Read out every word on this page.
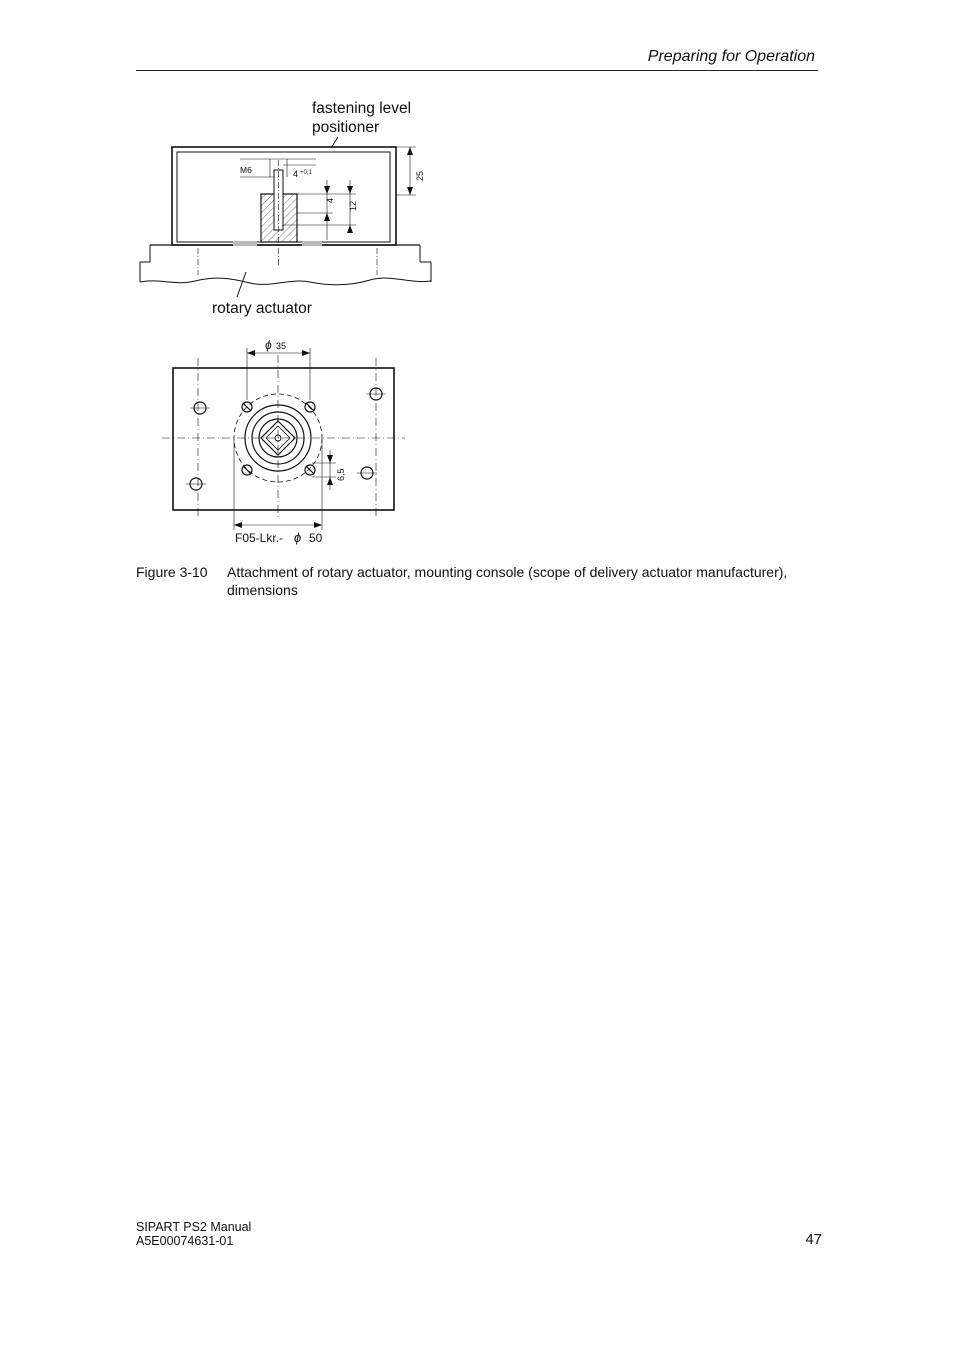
Preparing for Operation
fastening level
positioner
rotary actuator
M6	4 +0,1
4
12
25
ϕ 35
6,5
F05-Lkr.- ϕ 50
Figure 3-10 Attachment of rotary actuator, mounting console (scope of delivery actuator manufacturer), dimensions
SIPART PS2 Manual
A5E00074631-01	47
